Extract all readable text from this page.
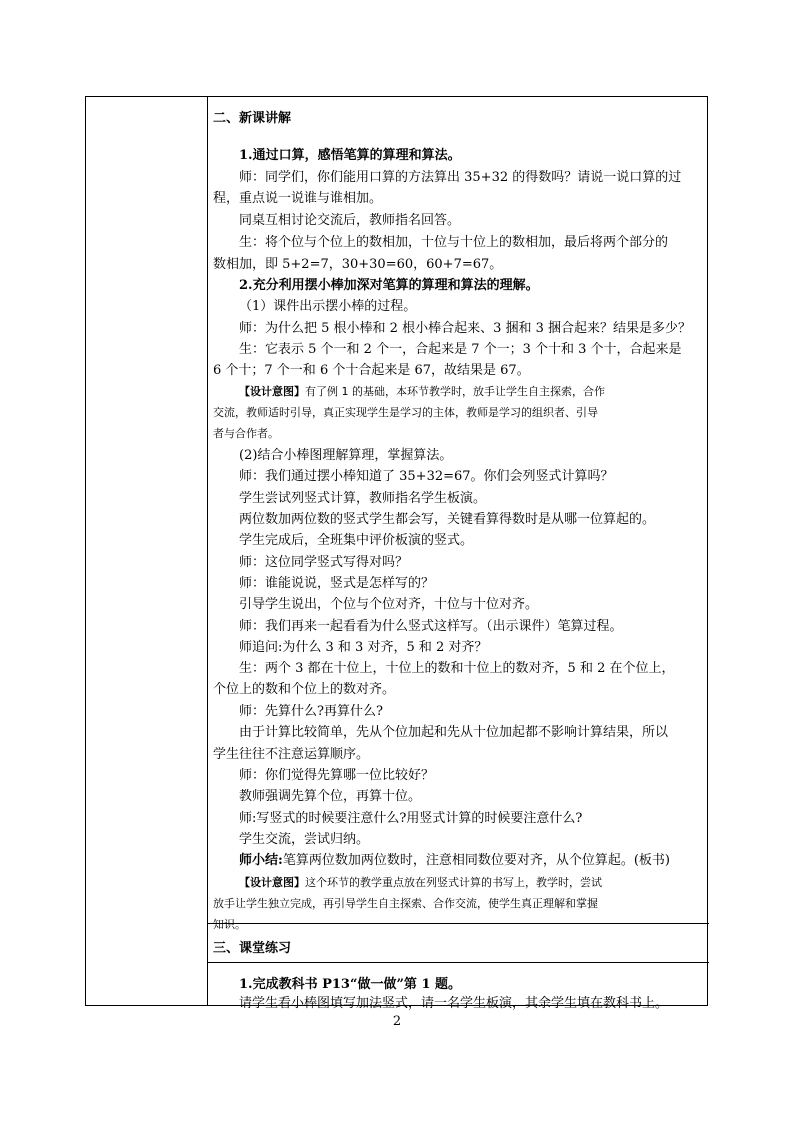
二、新课讲解
1.通过口算，感悟笔算的算理和算法。
师：同学们，你们能用口算的方法算出 35+32 的得数吗？请说一说口算的过
程，重点说一说谁与谁相加。
同桌互相讨论交流后，教师指名回答。
生：将个位与个位上的数相加，十位与十位上的数相加，最后将两个部分的
数相加，即 5+2=7，30+30=60，60+7=67。
2.充分利用摆小棒加深对笔算的算理和算法的理解。
（1）课件出示摆小棒的过程。
师：为什么把 5 根小棒和 2 根小棒合起来、3 捆和 3 捆合起来？结果是多少？
生：它表示 5 个一和 2 个一，合起来是 7 个一；3 个十和 3 个十，合起来是
6 个十；7 个一和 6 个十合起来是 67，故结果是 67。
【设计意图】有了例 1 的基础，本环节教学时，放手让学生自主探索，合作
交流，教师适时引导，真正实现学生是学习的主体，教师是学习的组织者、引导
者与合作者。
(2)结合小棒图理解算理，掌握算法。
师：我们通过摆小棒知道了 35+32=67。你们会列竖式计算吗？
学生尝试列竖式计算，教师指名学生板演。
两位数加两位数的竖式学生都会写，关键看算得数时是从哪一位算起的。
学生完成后，全班集中评价板演的竖式。
师：这位同学竖式写得对吗？
师：谁能说说，竖式是怎样写的？
引导学生说出，个位与个位对齐，十位与十位对齐。
师：我们再来一起看看为什么竖式这样写。（出示课件）笔算过程。
师追问:为什么 3 和 3 对齐，5 和 2 对齐？
生：两个 3 都在十位上，十位上的数和十位上的数对齐，5 和 2 在个位上，
个位上的数和个位上的数对齐。
师：先算什么?再算什么?
由于计算比较简单，先从个位加起和先从十位加起都不影响计算结果，所以
学生往往不注意运算顺序。
师：你们觉得先算哪一位比较好？
教师强调先算个位，再算十位。
师:写竖式的时候要注意什么?用竖式计算的时候要注意什么?
学生交流，尝试归纳。
师小结:笔算两位数加两位数时，注意相同数位要对齐，从个位算起。(板书)
【设计意图】这个环节的教学重点放在列竖式计算的书写上，教学时，尝试
放手让学生独立完成，再引导学生自主探索、合作交流，使学生真正理解和掌握
知识。
三、课堂练习
1.完成教科书 P13“做一做”第 1 题。
请学生看小棒图填写加法竖式，请一名学生板演，其余学生填在教科书上。
2
